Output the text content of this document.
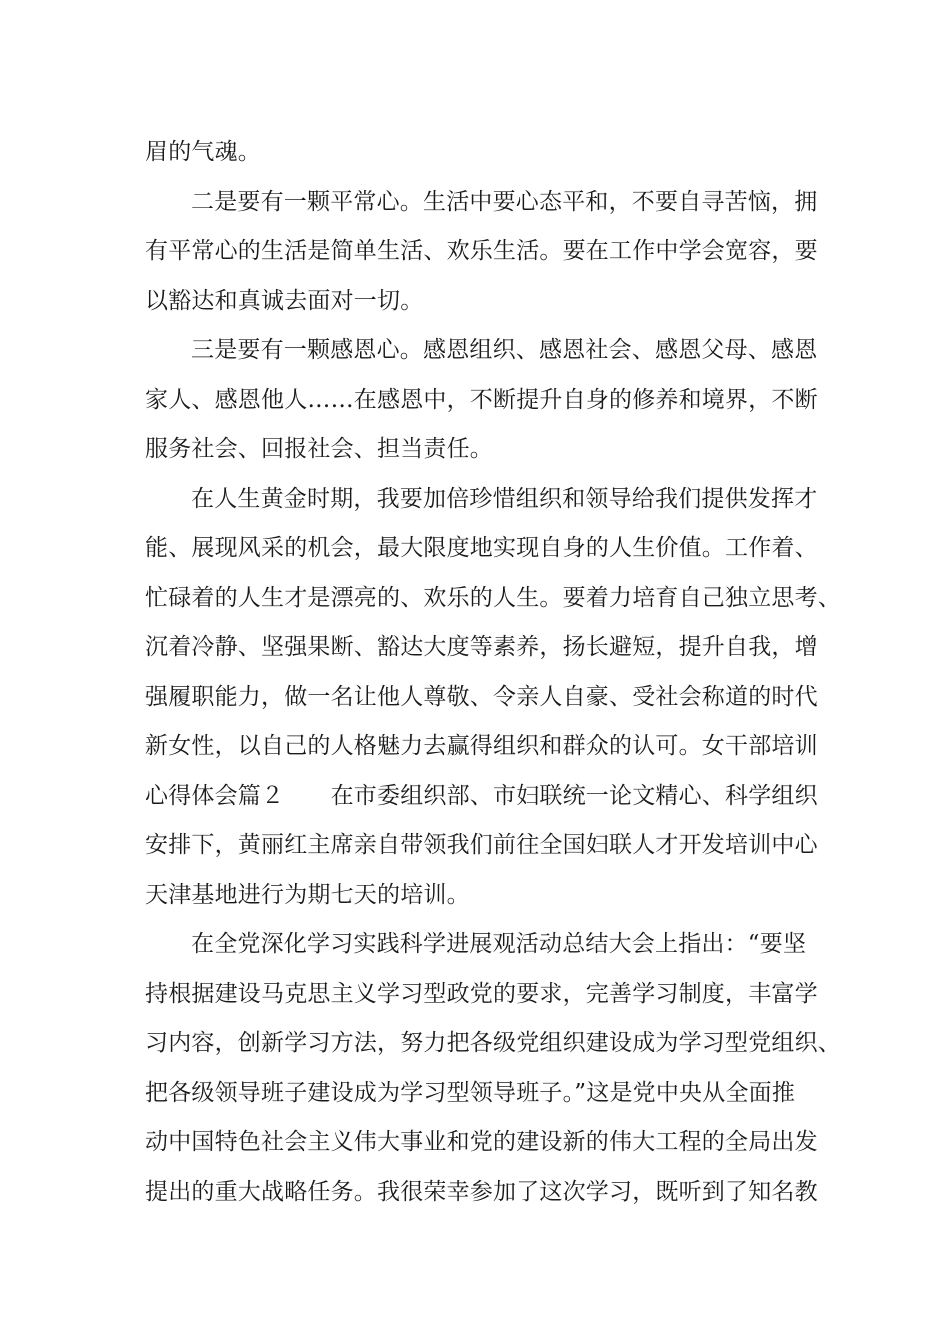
眉的气魂。
二是要有一颗平常心。生活中要心态平和，不要自寻苦恼，拥
有平常心的生活是简单生活、欢乐生活。要在工作中学会宽容，要
以豁达和真诚去面对一切。
三是要有一颗感恩心。感恩组织、感恩社会、感恩父母、感恩
家人、感恩他人……在感恩中，不断提升自身的修养和境界，不断
服务社会、回报社会、担当责任。
在人生黄金时期，我要加倍珍惜组织和领导给我们提供发挥才
能、展现风采的机会，最大限度地实现自身的人生价值。工作着、
忙碌着的人生才是漂亮的、欢乐的人生。要着力培育自己独立思考、
沉着冷静、坚强果断、豁达大度等素养，扬长避短，提升自我，增
强履职能力，做一名让他人尊敬、令亲人自豪、受社会称道的时代
新女性，以自己的人格魅力去赢得组织和群众的认可。女干部培训
心得体会篇２　　在市委组织部、市妇联统一论文精心、科学组织
安排下，黄丽红主席亲自带领我们前往全国妇联人才开发培训中心
天津基地进行为期七天的培训。
在全党深化学习实践科学进展观活动总结大会上指出：“要坚
持根据建设马克思主义学习型政党的要求，完善学习制度，丰富学
习内容，创新学习方法，努力把各级党组织建设成为学习型党组织、
把各级领导班子建设成为学习型领导班子。”这是党中央从全面推
动中国特色社会主义伟大事业和党的建设新的伟大工程的全局出发
提出的重大战略任务。我很荣幸参加了这次学习，既听到了知名教
